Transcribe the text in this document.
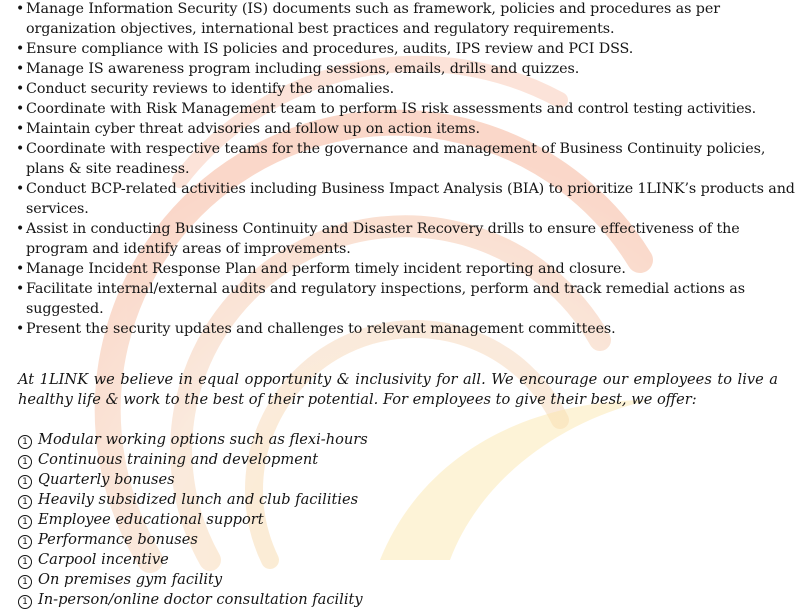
• Manage Information Security (IS) documents such as framework, policies and procedures as per organization objectives, international best practices and regulatory requirements.
• Ensure compliance with IS policies and procedures, audits, IPS review and PCI DSS.
• Manage IS awareness program including sessions, emails, drills and quizzes.
• Conduct security reviews to identify the anomalies.
• Coordinate with Risk Management team to perform IS risk assessments and control testing activities.
• Maintain cyber threat advisories and follow up on action items.
• Coordinate with respective teams for the governance and management of Business Continuity policies, plans & site readiness.
• Conduct BCP-related activities including Business Impact Analysis (BIA) to prioritize 1LINK’s products and services.
• Assist in conducting Business Continuity and Disaster Recovery drills to ensure effectiveness of the program and identify areas of improvements.
• Manage Incident Response Plan and perform timely incident reporting and closure.
• Facilitate internal/external audits and regulatory inspections, perform and track remedial actions as suggested.
• Present the security updates and challenges to relevant management committees.

At 1LINK we believe in equal opportunity & inclusivity for all. We encourage our employees to live a healthy life & work to the best of their potential. For employees to give their best, we offer:

1 Modular working options such as flexi-hours
1 Continuous training and development
1 Quarterly bonuses
1 Heavily subsidized lunch and club facilities
1 Employee educational support
1 Performance bonuses
1 Carpool incentive
1 On premises gym facility
1 In-person/online doctor consultation facility
